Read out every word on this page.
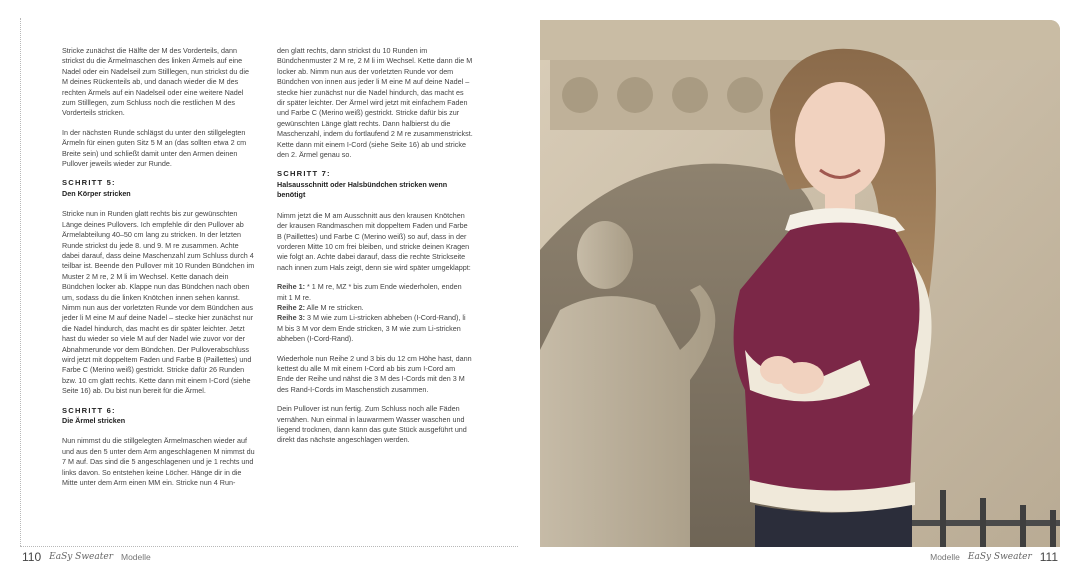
Stricke zunächst die Hälfte der M des Vorderteils, dann strickst du die Ärmelmaschen des linken Ärmels auf eine Nadel oder ein Nadelseil zum Stilllegen, nun strickst du die M deines Rückenteils ab, und danach wieder die M des rechten Ärmels auf ein Nadelseil oder eine weitere Nadel zum Stilllegen, zum Schluss noch die restlichen M des Vorderteils stricken.

In der nächsten Runde schlägst du unter den stillgelegten Ärmeln für einen guten Sitz 5 M an (das sollten etwa 2 cm Breite sein) und schließt damit unter den Armen deinen Pullover jeweils wieder zur Runde.

SCHRITT 5:
Den Körper stricken

Stricke nun in Runden glatt rechts bis zur gewünschten Länge deines Pullovers. Ich empfehle dir den Pullover ab Ärmelabteilung 40–50 cm lang zu stricken. In der letzten Runde strickst du jede 8. und 9. M re zusammen. Achte dabei darauf, dass deine Maschenzahl zum Schluss durch 4 teilbar ist. Beende den Pullover mit 10 Runden Bündchen im Muster 2 M re, 2 M li im Wechsel. Kette danach dein Bündchen locker ab. Klappe nun das Bündchen nach oben um, sodass du die linken Knötchen innen sehen kannst. Nimm nun aus der vorletzten Runde vor dem Bündchen aus jeder li M eine M auf deine Nadel – stecke hier zunächst nur die Nadel hindurch, das macht es dir später leichter. Jetzt hast du wieder so viele M auf der Nadel wie zuvor vor der Abnahmerunde vor dem Bündchen. Der Pulloverabschluss wird jetzt mit doppeltem Faden und Farbe B (Paillettes) und Farbe C (Merino weiß) gestrickt. Stricke dafür 26 Runden bzw. 10 cm glatt rechts. Kette dann mit einem I-Cord (siehe Seite 16) ab. Du bist nun bereit für die Ärmel.

SCHRITT 6:
Die Ärmel stricken

Nun nimmst du die stillgelegten Ärmelmaschen wieder auf und aus den 5 unter dem Arm angeschlagenen M nimmst du 7 M auf. Das sind die 5 angeschlagenen und je 1 rechts und links davon. So entstehen keine Löcher. Hänge dir in die Mitte unter dem Arm einen MM ein. Stricke nun 4 Run-

den glatt rechts, dann strickst du 10 Runden im Bündchenmuster 2 M re, 2 M li im Wechsel. Kette dann die M locker ab. Nimm nun aus der vorletzten Runde vor dem Bündchen von innen aus jeder li M eine M auf deine Nadel – stecke hier zunächst nur die Nadel hindurch, das macht es dir später leichter. Der Ärmel wird jetzt mit einfachem Faden und Farbe C (Merino weiß) gestrickt. Stricke dafür bis zur gewünschten Länge glatt rechts. Dann halbierst du die Maschenzahl, indem du fortlaufend 2 M re zusammenstrickst. Kette dann mit einem I-Cord (siehe Seite 16) ab und stricke den 2. Ärmel genau so.

SCHRITT 7:
Halsausschnitt oder Halsbündchen stricken wenn benötigt

Nimm jetzt die M am Ausschnitt aus den krausen Knötchen der krausen Randmaschen mit doppeltem Faden und Farbe B (Paillettes) und Farbe C (Merino weiß) so auf, dass in der vorderen Mitte 10 cm frei bleiben, und stricke deinen Kragen wie folgt an. Achte dabei darauf, dass die rechte Strickseite nach innen zum Hals zeigt, denn sie wird später umgeklappt:

Reihe 1: * 1 M re, MZ * bis zum Ende wiederholen, enden mit 1 M re.
Reihe 2: Alle M re stricken.
Reihe 3: 3 M wie zum Li-stricken abheben (I-Cord-Rand), li M bis 3 M vor dem Ende stricken, 3 M wie zum Li-stricken abheben (I-Cord-Rand).

Wiederhole nun Reihe 2 und 3 bis du 12 cm Höhe hast, dann kettest du alle M mit einem I-Cord ab bis zum I-Cord am Ende der Reihe und nähst die 3 M des I-Cords mit den 3 M des Rand-I-Cords im Maschenstich zusammen.

Dein Pullover ist nun fertig. Zum Schluss noch alle Fäden vernähen. Nun einmal in lauwarmem Wasser waschen und liegend trocknen, dann kann das gute Stück ausgeführt und direkt das nächste angeschlagen werden.

110 EaSy Sweater Modelle	Modelle EaSy Sweater 111
